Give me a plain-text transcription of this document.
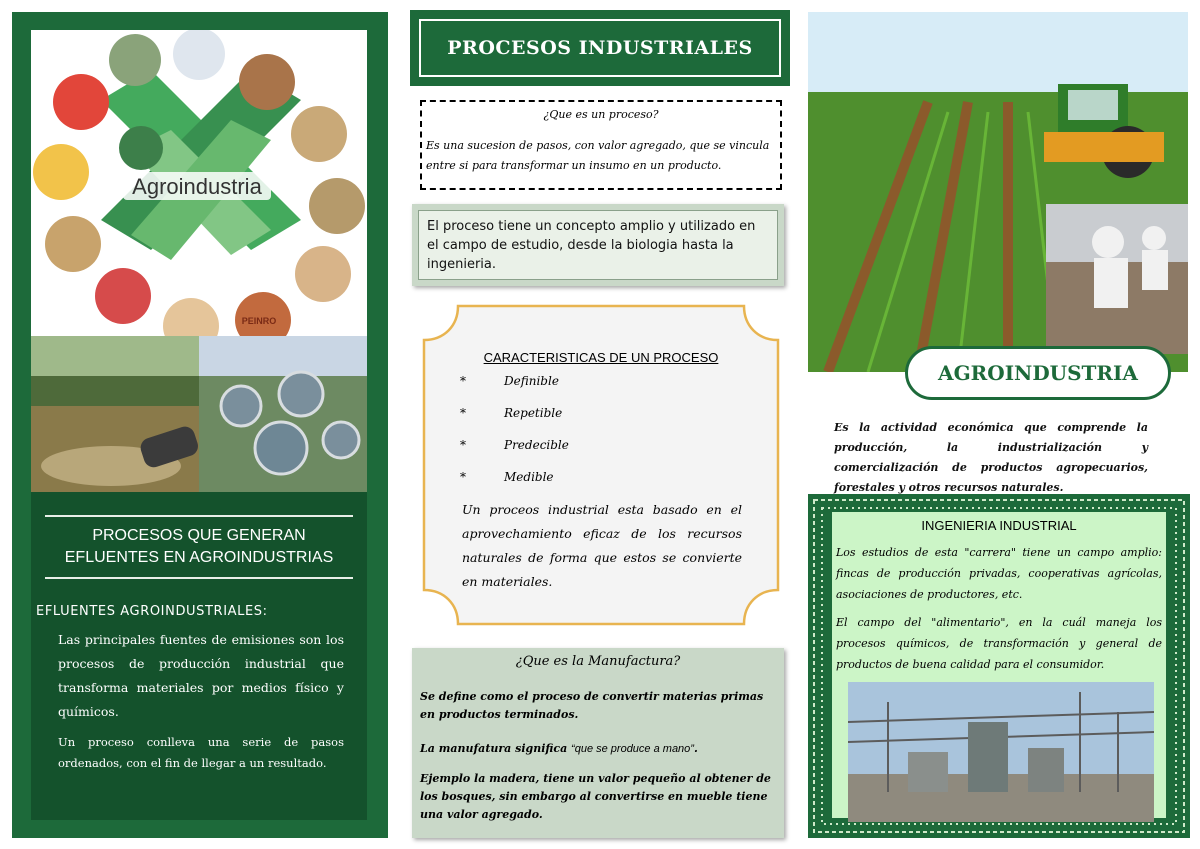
Agroindustria
PEINRO
PROCESOS QUE GENERAN
EFLUENTES EN AGROINDUSTRIAS
EFLUENTES AGROINDUSTRIALES:
Las principales fuentes de emisiones son los procesos de producción industrial que transforma materiales por medios físico y químicos.
Un proceso conlleva una serie de pasos ordenados, con el fin de llegar a un resultado.
PROCESOS INDUSTRIALES
¿Que es un proceso?
Es una sucesion de pasos, con valor agregado, que se vincula entre si para transformar un insumo en un producto.
El proceso tiene un concepto amplio y utilizado en el campo de estudio, desde la biologia hasta la ingenieria.
CARACTERISTICAS DE UN PROCESO
*	Definible
*	Repetible
*	Predecible
*	Medible
Un proceos industrial esta basado en el aprovechamiento eficaz de los recursos naturales de forma que estos se convierte en materiales.
¿Que es la Manufactura?
Se define como el proceso de convertir materias primas en productos terminados.
La manufatura significa “que se produce a mano”.
Ejemplo la madera, tiene un valor pequeño al obtener de los bosques, sin embargo al convertirse en mueble tiene una valor agregado.
AGROINDUSTRIA
Es la actividad económica que comprende la producción, la industrialización y comercialización de productos agropecuarios, forestales y otros recursos naturales.
INGENIERIA INDUSTRIAL
Los estudios de esta "carrera" tiene un campo amplio: fincas de producción privadas, cooperativas agrícolas, asociaciones de productores, etc.
El campo del "alimentario", en la cuál maneja los procesos químicos, de transformación y general de productos de buena calidad para el consumidor.
